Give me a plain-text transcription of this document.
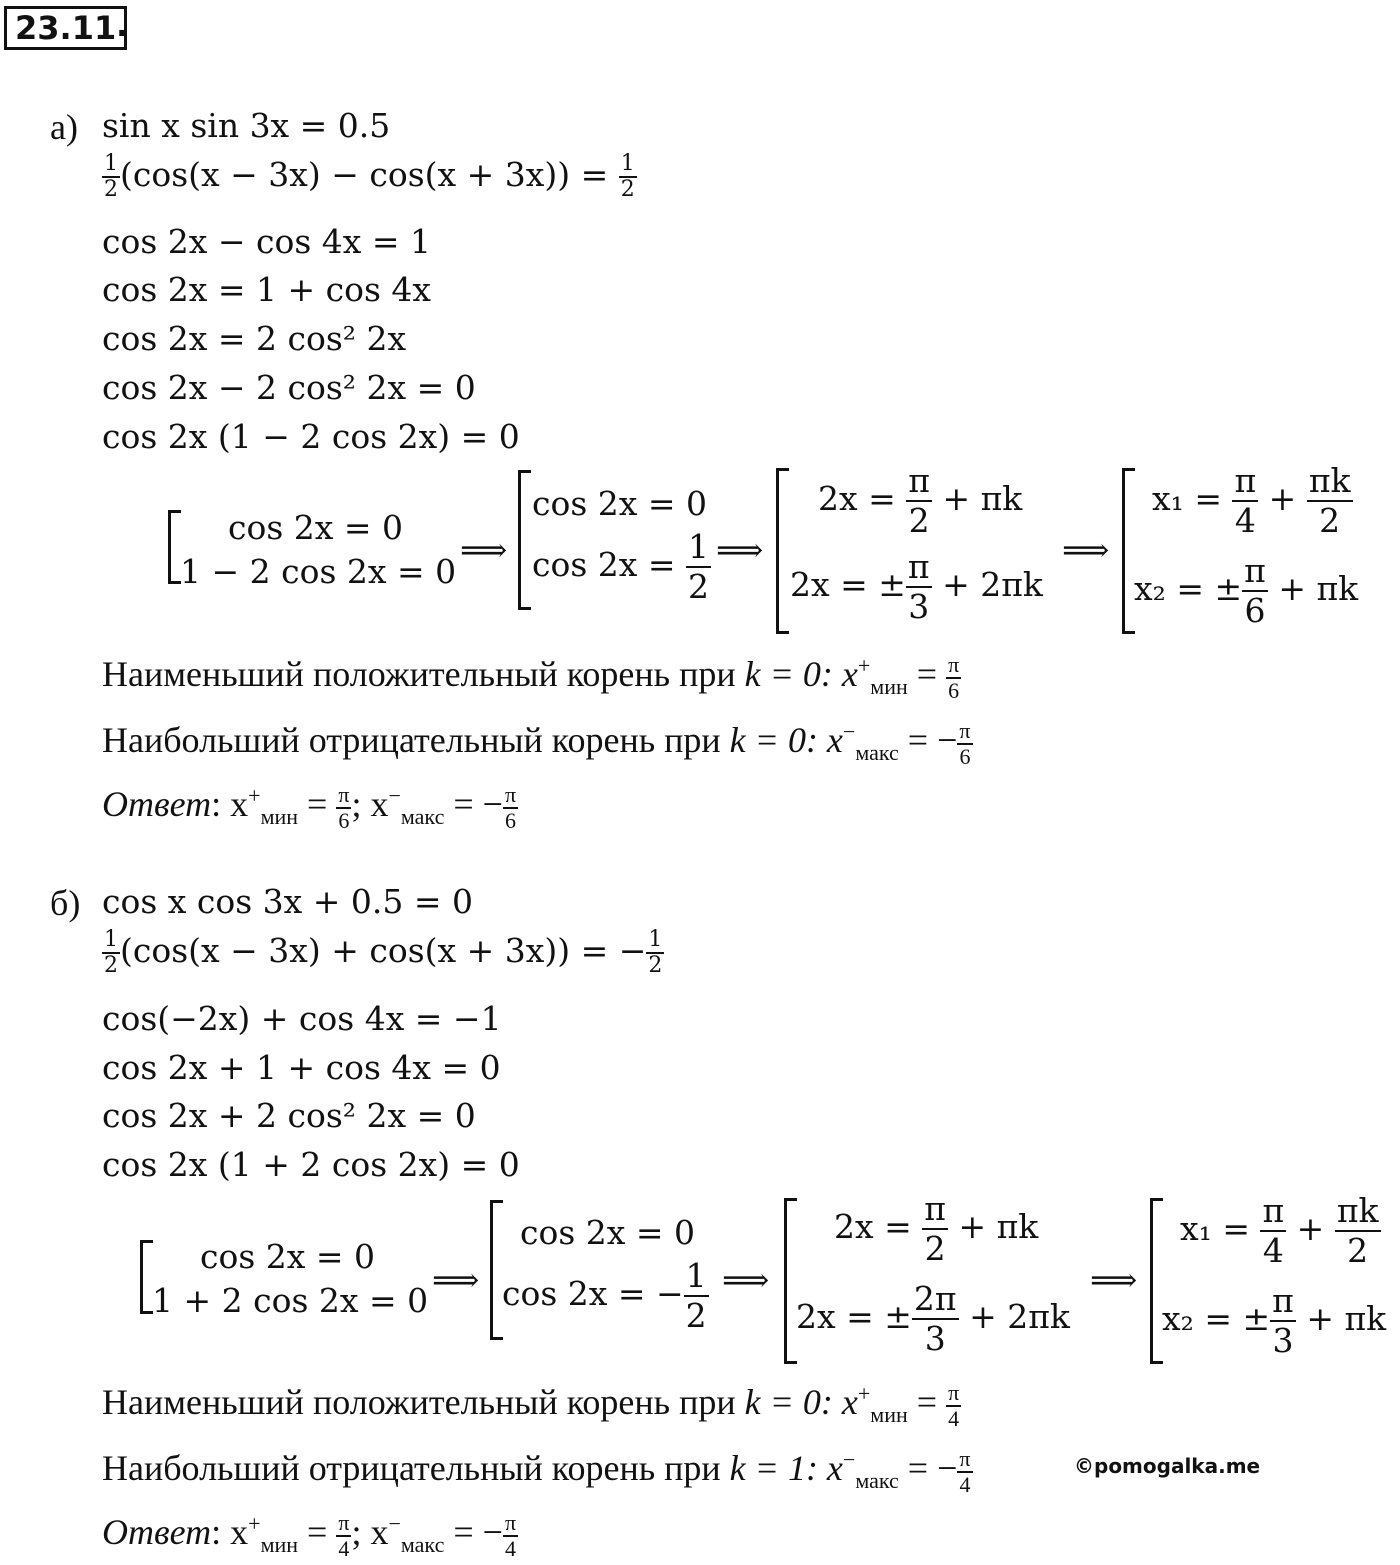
23.11 .
а) sin x sin 3x = 0.5
$\frac{1}{2} (\cos(x - 3x) - \cos(x + 3x)) = \frac{1}{2}$
cos 2x − cos 4x = 1
cos 2x = 1 + cos 4x
cos 2x = 2 cos² 2x
cos 2x − 2 cos² 2x = 0
cos 2x (1 − 2 cos 2x) = 0
cos 2x = 0
1 − 2 cos 2x = 0
⟹
cos 2x = 0
$\cos 2x = \frac{1}{2}$ ⟹
$2x = \frac{\pi}{2} + \pi k$
2x = ± $\frac{\pi}{3} + 2\pi k$
⟹
$x_1 = \frac{\pi}{4} + \frac{\pi k}{2}$
x₂ = ± $\frac{\pi}{6} + \pi k$
Наименьший положительный корень при k = 0: $x^+_{мин} = \frac{\pi}{6}$
Наибольший отрицательный корень при k = 0: $x^-_{макс}$ = − $\frac{\pi}{6}$
Ответ: $x^+_{мин} = \frac{\pi}{6}$ ; $x^-_{макс}$ = − $\frac{\pi}{6}$
б) cos x cos 3x + 0.5 = 0
$\frac{1}{2} (\cos(x - 3x) + \cos(x + 3x))$ = − $\frac{1}{2}$
cos(−2x) + cos 4x = −1
cos 2x + 1 + cos 4x = 0
cos 2x + 2 cos² 2x = 0
cos 2x (1 + 2 cos 2x) = 0
cos 2x = 0
1 + 2 cos 2x = 0
⟹
cos 2x = 0
cos 2x = − $\frac{1}{2}$ ⟹
$2x = \frac{\pi}{2} + \pi k$
2x = ± $\frac{2\pi}{3} + 2\pi k$
⟹
$x_1 = \frac{\pi}{4} + \frac{\pi k}{2}$
x₂ = ± $\frac{\pi}{3} + \pi k$
Наименьший положительный корень при k = 0: $x^+_{мин} = \frac{\pi}{4}$
Наибольший отрицательный корень при k = 1: $x^-_{макс}$ = − $\frac{\pi}{4}$	©pomogalka.me
Ответ: $x^+_{мин} = \frac{\pi}{4}$ ; $x^-_{макс}$ = − $\frac{\pi}{4}$
